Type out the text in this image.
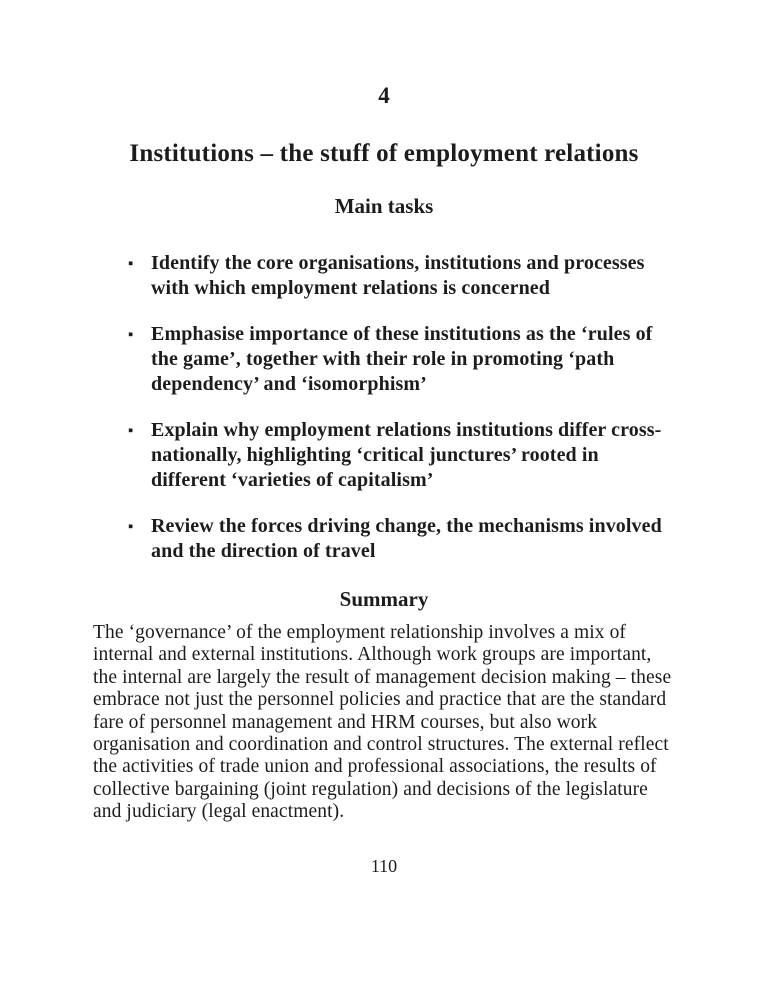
4
Institutions – the stuff of employment relations
Main tasks
▪ Identify the core organisations, institutions and processes with which employment relations is concerned
▪ Emphasise importance of these institutions as the ‘rules of the game’, together with their role in promoting ‘path dependency’ and ‘isomorphism’
▪ Explain why employment relations institutions differ cross-nationally, highlighting ‘critical junctures’ rooted in different ‘varieties of capitalism’
▪ Review the forces driving change, the mechanisms involved and the direction of travel
Summary

The ‘governance’ of the employment relationship involves a mix of internal and external institutions. Although work groups are important, the internal are largely the result of management decision making – these embrace not just the personnel policies and practice that are the standard fare of personnel management and HRM courses, but also work organisation and coordination and control structures. The external reflect the activities of trade union and professional associations, the results of collective bargaining (joint regulation) and decisions of the legislature and judiciary (legal enactment).

110
